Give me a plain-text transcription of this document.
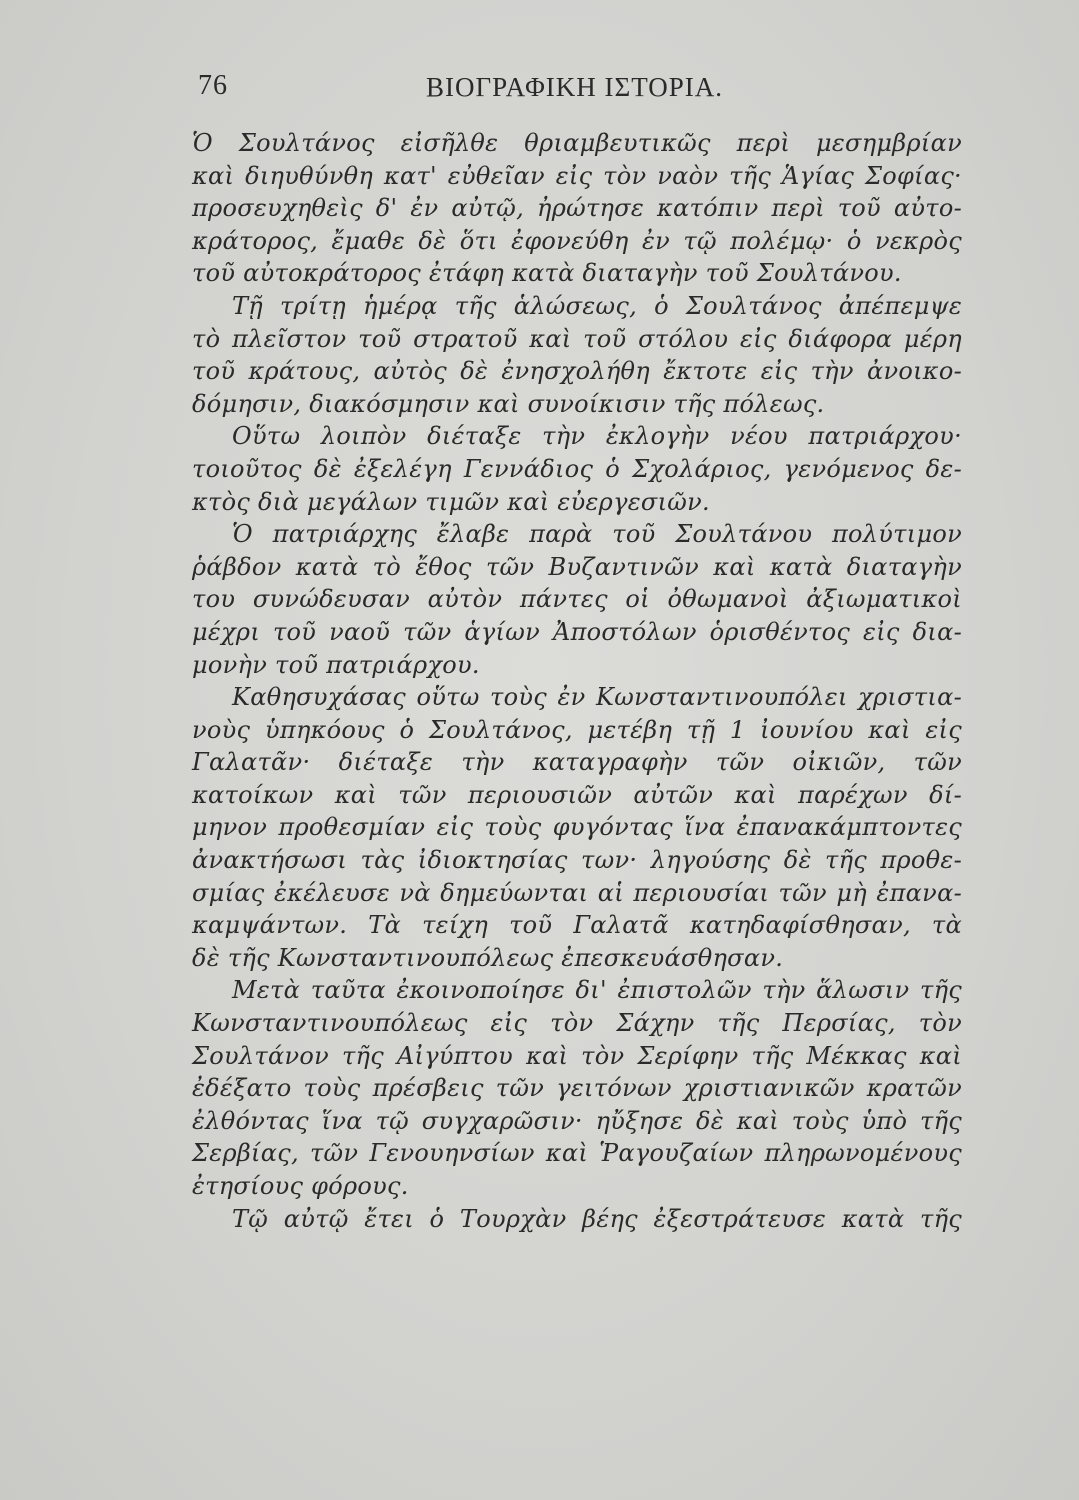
76	ΒΙΟΓΡΑΦΙΚΗ ΙΣΤΟΡΙΑ.
Ὁ Σουλτάνος εἰσῆλθε θριαμβευτικῶς περὶ μεσημβρίαν
καὶ διηυθύνθη κατ' εὐθεῖαν εἰς τὸν ναὸν τῆς Ἁγίας Σοφίας·
προσευχηθεὶς δ' ἐν αὐτῷ, ἠρώτησε κατόπιν περὶ τοῦ αὐτο-
κράτορος, ἔμαθε δὲ ὅτι ἐφονεύθη ἐν τῷ πολέμῳ· ὁ νεκρὸς
τοῦ αὐτοκράτορος ἐτάφη κατὰ διαταγὴν τοῦ Σουλτάνου.
Τῇ τρίτῃ ἡμέρᾳ τῆς ἁλώσεως, ὁ Σουλτάνος ἀπέπεμψε
τὸ πλεῖστον τοῦ στρατοῦ καὶ τοῦ στόλου εἰς διάφορα μέρη
τοῦ κράτους, αὐτὸς δὲ ἐνησχολήθη ἔκτοτε εἰς τὴν ἀνοικο-
δόμησιν, διακόσμησιν καὶ συνοίκισιν τῆς πόλεως.
Οὕτω λοιπὸν διέταξε τὴν ἐκλογὴν νέου πατριάρχου·
τοιοῦτος δὲ ἐξελέγη Γεννάδιος ὁ Σχολάριος, γενόμενος δε-
κτὸς διὰ μεγάλων τιμῶν καὶ εὐεργεσιῶν.
Ὁ πατριάρχης ἔλαβε παρὰ τοῦ Σουλτάνου πολύτιμον
ῥάβδον κατὰ τὸ ἔθος τῶν Βυζαντινῶν καὶ κατὰ διαταγὴν
του συνώδευσαν αὐτὸν πάντες οἱ ὀθωμανοὶ ἀξιωματικοὶ
μέχρι τοῦ ναοῦ τῶν ἁγίων Ἀποστόλων ὁρισθέντος εἰς δια-
μονὴν τοῦ πατριάρχου.
Καθησυχάσας οὕτω τοὺς ἐν Κωνσταντινουπόλει χριστια-
νοὺς ὑπηκόους ὁ Σουλτάνος, μετέβη τῇ 1 ἰουνίου καὶ εἰς
Γαλατᾶν· διέταξε τὴν καταγραφὴν τῶν οἰκιῶν, τῶν
κατοίκων καὶ τῶν περιουσιῶν αὐτῶν καὶ παρέχων δί-
μηνον προθεσμίαν εἰς τοὺς φυγόντας ἵνα ἐπανακάμπτοντες
ἀνακτήσωσι τὰς ἰδιοκτησίας των· ληγούσης δὲ τῆς προθε-
σμίας ἐκέλευσε νὰ δημεύωνται αἱ περιουσίαι τῶν μὴ ἐπανα-
καμψάντων. Τὰ τείχη τοῦ Γαλατᾶ κατηδαφίσθησαν, τὰ
δὲ τῆς Κωνσταντινουπόλεως ἐπεσκευάσθησαν.
Μετὰ ταῦτα ἐκοινοποίησε δι' ἐπιστολῶν τὴν ἅλωσιν τῆς
Κωνσταντινουπόλεως εἰς τὸν Σάχην τῆς Περσίας, τὸν
Σουλτάνον τῆς Αἰγύπτου καὶ τὸν Σερίφην τῆς Μέκκας καὶ
ἐδέξατο τοὺς πρέσβεις τῶν γειτόνων χριστιανικῶν κρατῶν
ἐλθόντας ἵνα τῷ συγχαρῶσιν· ηὔξησε δὲ καὶ τοὺς ὑπὸ τῆς
Σερβίας, τῶν Γενουηνσίων καὶ Ῥαγουζαίων πληρωνομένους
ἐτησίους φόρους.
Τῷ αὐτῷ ἔτει ὁ Τουρχὰν βέης ἐξεστράτευσε κατὰ τῆς
